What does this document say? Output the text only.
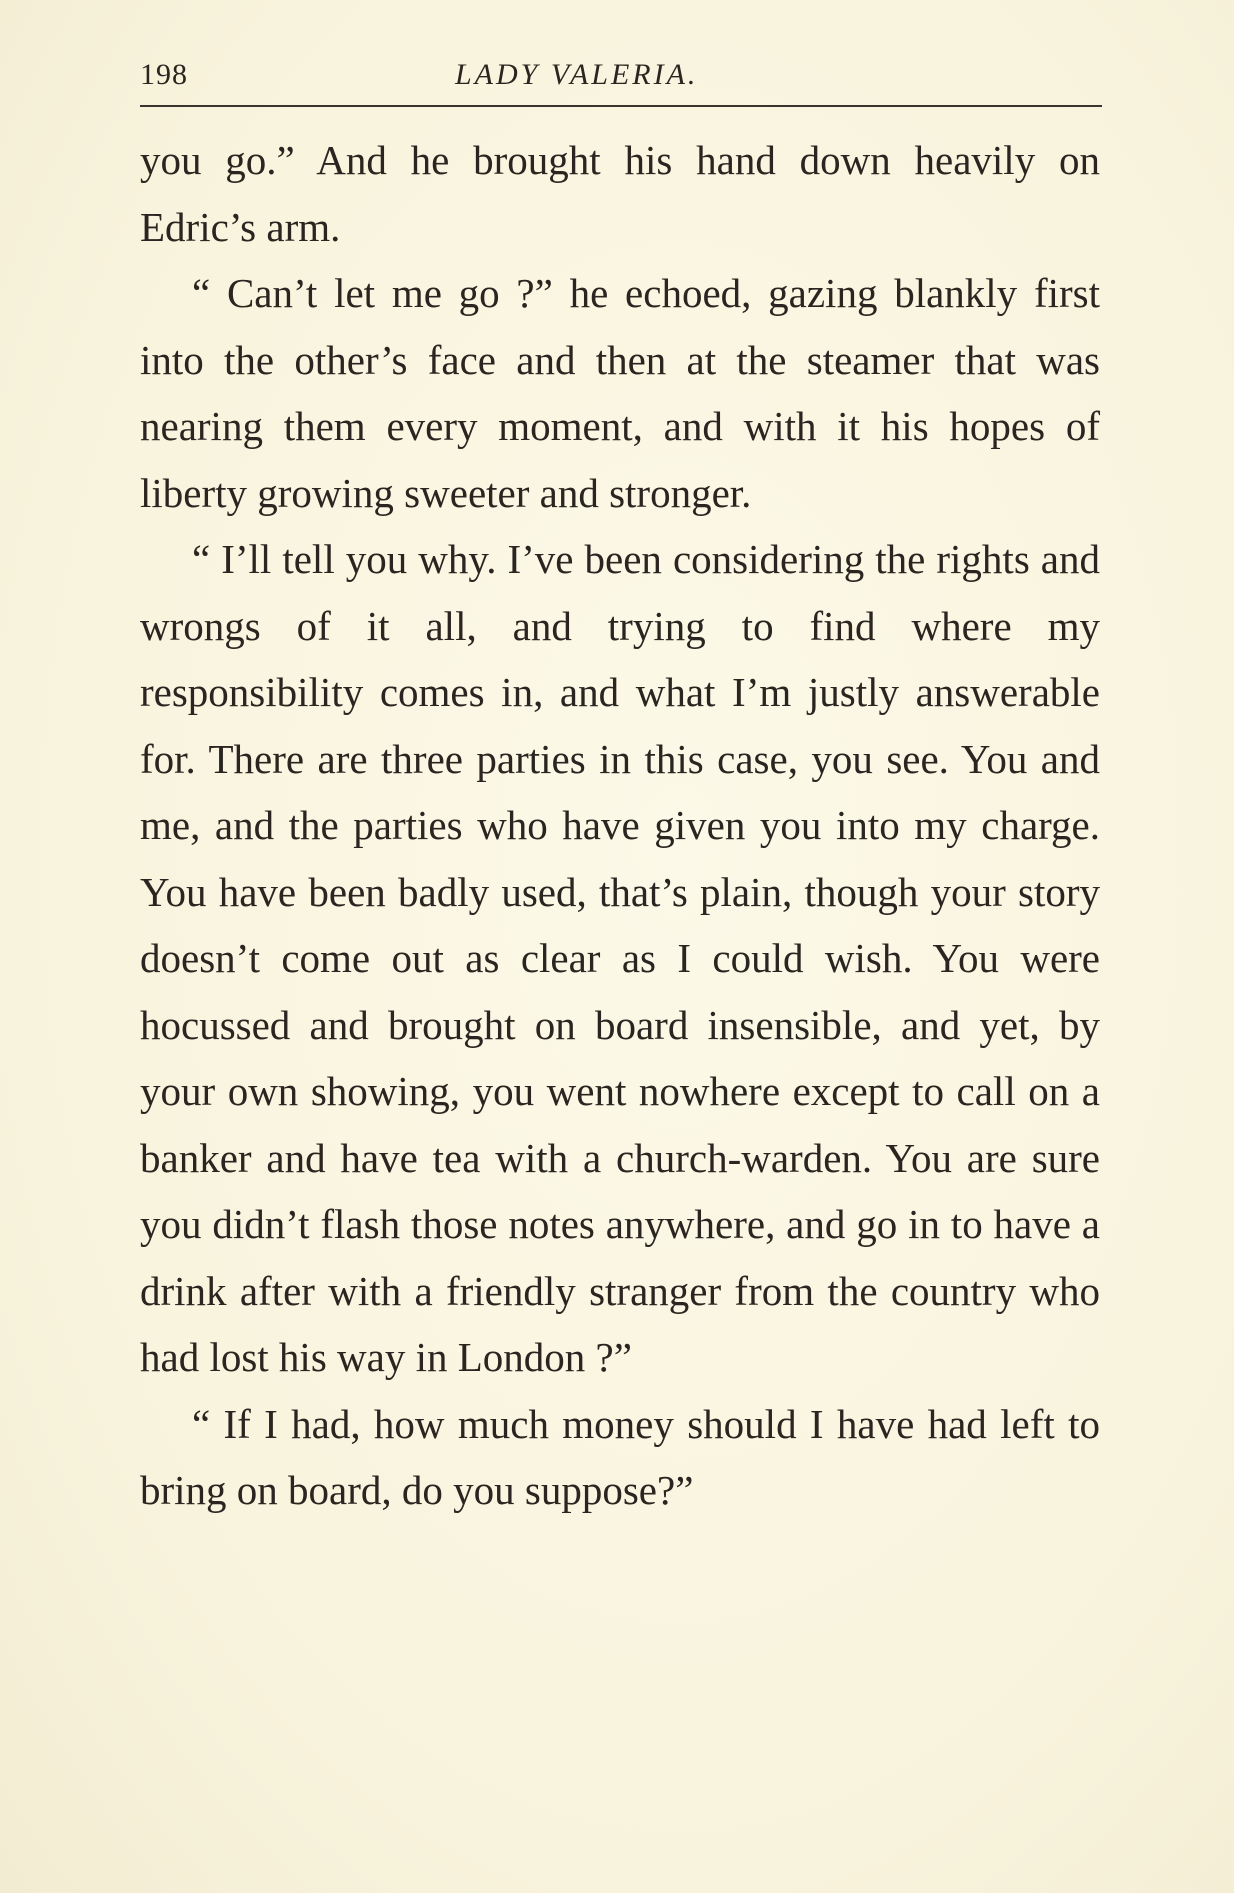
198	LADY VALERIA.

you go.” And he brought his hand down heavily on Edric’s arm.

“ Can’t let me go ?” he echoed, gazing blankly first into the other’s face and then at the steamer that was nearing them every moment, and with it his hopes of liberty growing sweeter and stronger.

“ I’ll tell you why. I’ve been considering the rights and wrongs of it all, and trying to find where my responsibility comes in, and what I’m justly answerable for. There are three parties in this case, you see. You and me, and the parties who have given you into my charge. You have been badly used, that’s plain, though your story doesn’t come out as clear as I could wish. You were hocussed and brought on board insensible, and yet, by your own showing, you went nowhere except to call on a banker and have tea with a church-warden. You are sure you didn’t flash those notes anywhere, and go in to have a drink after with a friendly stranger from the country who had lost his way in London ?”

“ If I had, how much money should I have had left to bring on board, do you suppose?”
